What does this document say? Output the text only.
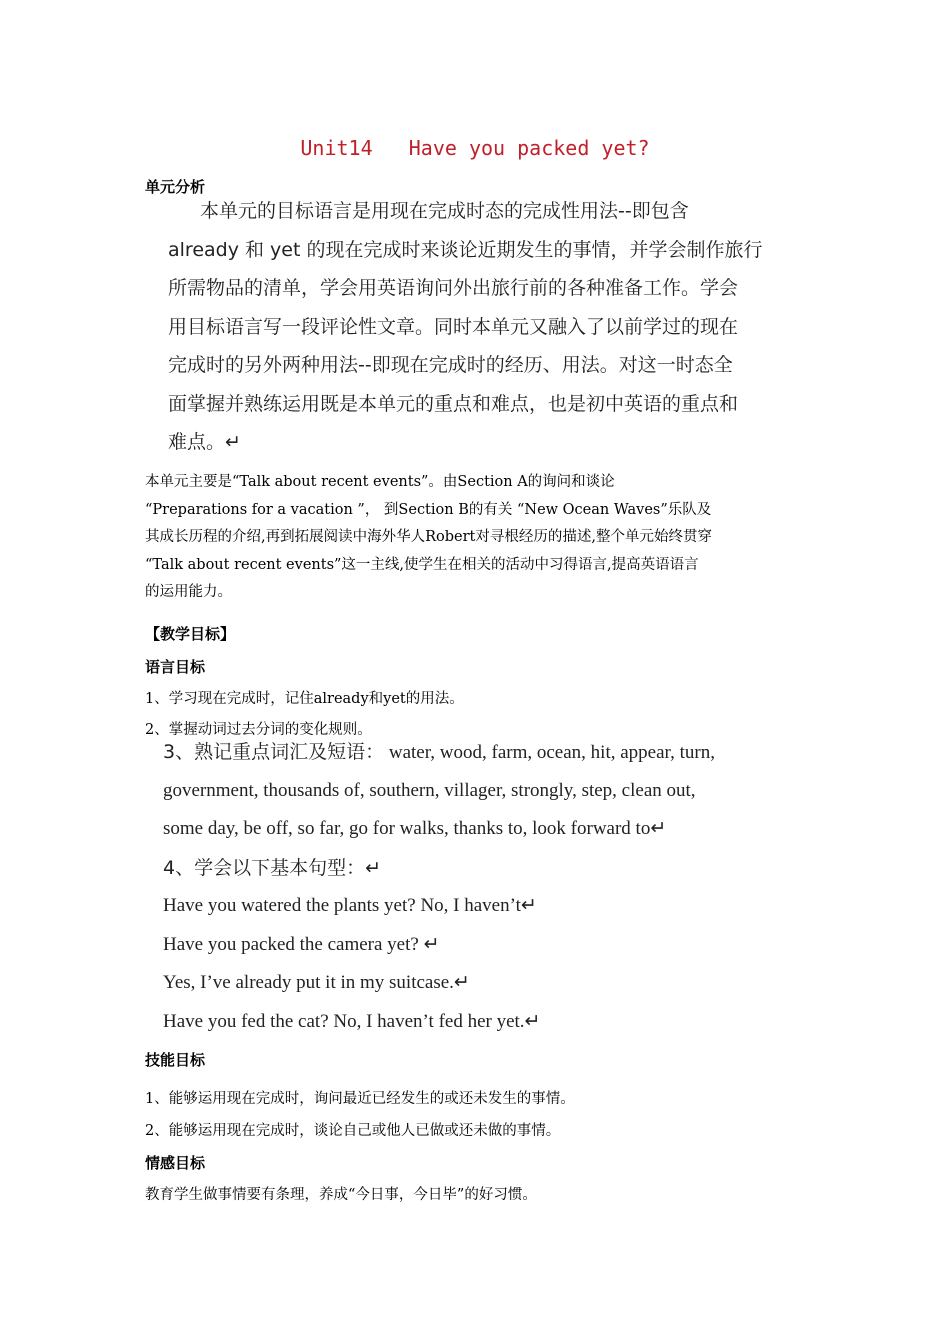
Unit14   Have you packed yet?
单元分析
本单元的目标语言是用现在完成时态的完成性用法--即包含
already 和 yet 的现在完成时来谈论近期发生的事情，并学会制作旅行
所需物品的清单，学会用英语询问外出旅行前的各种准备工作。学会
用目标语言写一段评论性文章。同时本单元又融入了以前学过的现在
完成时的另外两种用法--即现在完成时的经历、用法。对这一时态全
面掌握并熟练运用既是本单元的重点和难点，也是初中英语的重点和
难点。↵
本单元主要是“Talk about recent events”。由Section A的询问和谈论
“Preparations for a vacation ”， 到Section B的有关 “New Ocean Waves”乐队及
其成长历程的介绍,再到拓展阅读中海外华人Robert对寻根经历的描述,整个单元始终贯穿
“Talk about recent events”这一主线,使学生在相关的活动中习得语言,提高英语语言
的运用能力。
【教学目标】
语言目标
1、学习现在完成时，记住already和yet的用法。
2、掌握动词过去分词的变化规则。
3、熟记重点词汇及短语： water, wood, farm, ocean, hit, appear, turn,
government, thousands of, southern, villager, strongly, step, clean out,
some day, be off, so far, go for walks, thanks to, look forward to↵
4、学会以下基本句型：↵
Have you watered the plants yet? No, I haven’t↵
Have you packed the camera yet? ↵
Yes, I’ve already put it in my suitcase.↵
Have you fed the cat? No, I haven’t fed her yet.↵
技能目标
1、能够运用现在完成时，询问最近已经发生的或还未发生的事情。
2、能够运用现在完成时，谈论自己或他人已做或还未做的事情。
情感目标
教育学生做事情要有条理，养成“今日事，今日毕”的好习惯。
